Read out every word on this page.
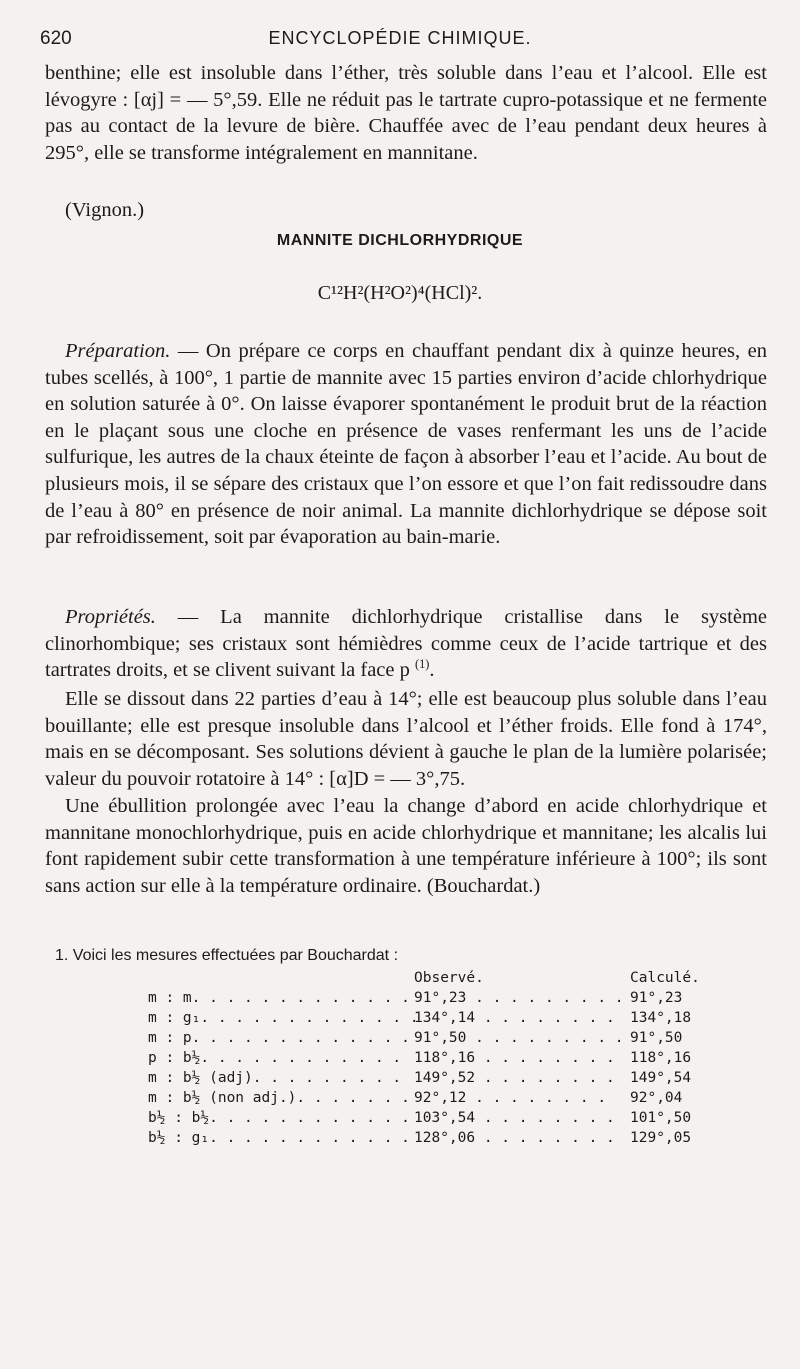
620	ENCYCLOPÉDIE CHIMIQUE.

benthine; elle est insoluble dans l’éther, très soluble dans l’eau et l’alcool. Elle est lévogyre : [αj] = — 5°,59. Elle ne réduit pas le tartrate cupro-potassique et ne fermente pas au contact de la levure de bière. Chauffée avec de l’eau pendant deux heures à 295°, elle se transforme intégralement en mannitane.

(Vignon.)

MANNITE DICHLORHYDRIQUE
C¹²H²(H²O²)⁴(HCl)².

Préparation. — On prépare ce corps en chauffant pendant dix à quinze heures, en tubes scellés, à 100°, 1 partie de mannite avec 15 parties environ d’acide chlorhydrique en solution saturée à 0°. On laisse évaporer spontanément le produit brut de la réaction en le plaçant sous une cloche en présence de vases renfermant les uns de l’acide sulfurique, les autres de la chaux éteinte de façon à absorber l’eau et l’acide. Au bout de plusieurs mois, il se sépare des cristaux que l’on essore et que l’on fait redissoudre dans de l’eau à 80° en présence de noir animal. La mannite dichlorhydrique se dépose soit par refroidissement, soit par évaporation au bain-marie.

Propriétés. — La mannite dichlorhydrique cristallise dans le système clinorhombique; ses cristaux sont hémièdres comme ceux de l’acide tartrique et des tartrates droits, et se clivent suivant la face p $^{(1)}$.

Elle se dissout dans 22 parties d’eau à 14°; elle est beaucoup plus soluble dans l’eau bouillante; elle est presque insoluble dans l’alcool et l’éther froids. Elle fond à 174°, mais en se décomposant. Ses solutions dévient à gauche le plan de la lumière polarisée; valeur du pouvoir rotatoire à 14° : [α]D = — 3°,75.

Une ébullition prolongée avec l’eau la change d’abord en acide chlorhydrique et mannitane monochlorhydrique, puis en acide chlorhydrique et mannitane; les alcalis lui font rapidement subir cette transformation à une température inférieure à 100°; ils sont sans action sur elle à la température ordinaire. (Bouchardat.)

1. Voici les mesures effectuées par Bouchardat :
Observé.	Calculé.
m : m. . . . . . . . . . . . . 91°,23 . . . . . . . . . 91°,23
m : g₁. . . . . . . . . . . . .
134°,14 . . . . . . . . 134°,18
m : p. . . . . . . . . . . . . 91°,50 . . . . . . . . . 91°,50
p : b½. . . . . . . . . . . . 118°,16 . . . . . . . . 118°,16
m : b½ (adj). . . . . . . . . 149°,52 . . . . . . . . 149°,54
m : b½ (non adj.). . . . . . . 92°,12 . . . . . . . . 92°,04
b½ : b½. . . . . . . . . . . . 103°,54 . . . . . . . . 101°,50
b½ : g₁. . . . . . . . . . . . 128°,06 . . . . . . . . 129°,05
